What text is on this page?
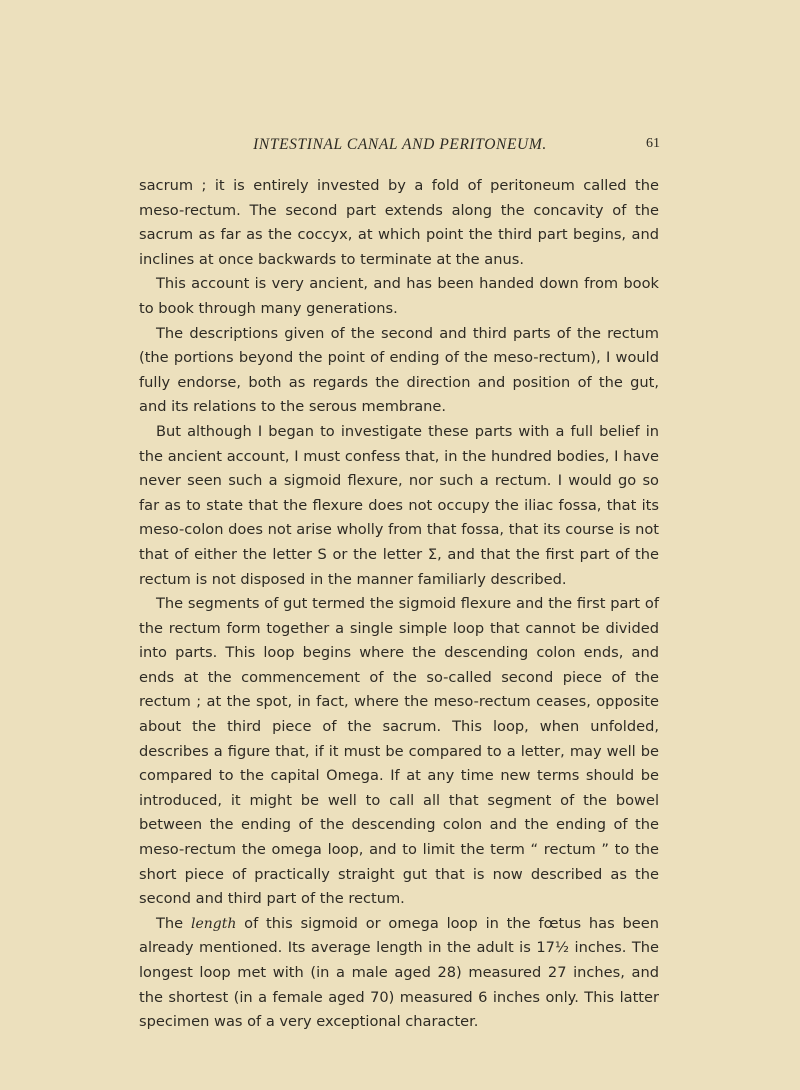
INTESTINAL CANAL AND PERITONEUM.	61

sacrum ; it is entirely invested by a fold of peritoneum called the meso-rectum. The second part extends along the concavity of the sacrum as far as the coccyx, at which point the third part begins, and inclines at once backwards to terminate at the anus.

This account is very ancient, and has been handed down from book to book through many generations.

The descriptions given of the second and third parts of the rectum (the portions beyond the point of ending of the meso-rectum), I would fully endorse, both as regards the direction and position of the gut, and its relations to the serous membrane.

But although I began to investigate these parts with a full belief in the ancient account, I must confess that, in the hundred bodies, I have never seen such a sigmoid flexure, nor such a rectum. I would go so far as to state that the flexure does not occupy the iliac fossa, that its meso-colon does not arise wholly from that fossa, that its course is not that of either the letter S or the letter Σ, and that the first part of the rectum is not disposed in the manner familiarly described.

The segments of gut termed the sigmoid flexure and the first part of the rectum form together a single simple loop that cannot be divided into parts. This loop begins where the descending colon ends, and ends at the commencement of the so-called second piece of the rectum ; at the spot, in fact, where the meso-rectum ceases, opposite about the third piece of the sacrum. This loop, when unfolded, describes a figure that, if it must be compared to a letter, may well be compared to the capital Omega. If at any time new terms should be introduced, it might be well to call all that segment of the bowel between the ending of the descending colon and the ending of the meso-rectum the omega loop, and to limit the term “ rectum ” to the short piece of practically straight gut that is now described as the second and third part of the rectum.

The length of this sigmoid or omega loop in the fœtus has been already mentioned. Its average length in the adult is 17½ inches. The longest loop met with (in a male aged 28) measured 27 inches, and the shortest (in a female aged 70) measured 6 inches only. This latter specimen was of a very exceptional character.
